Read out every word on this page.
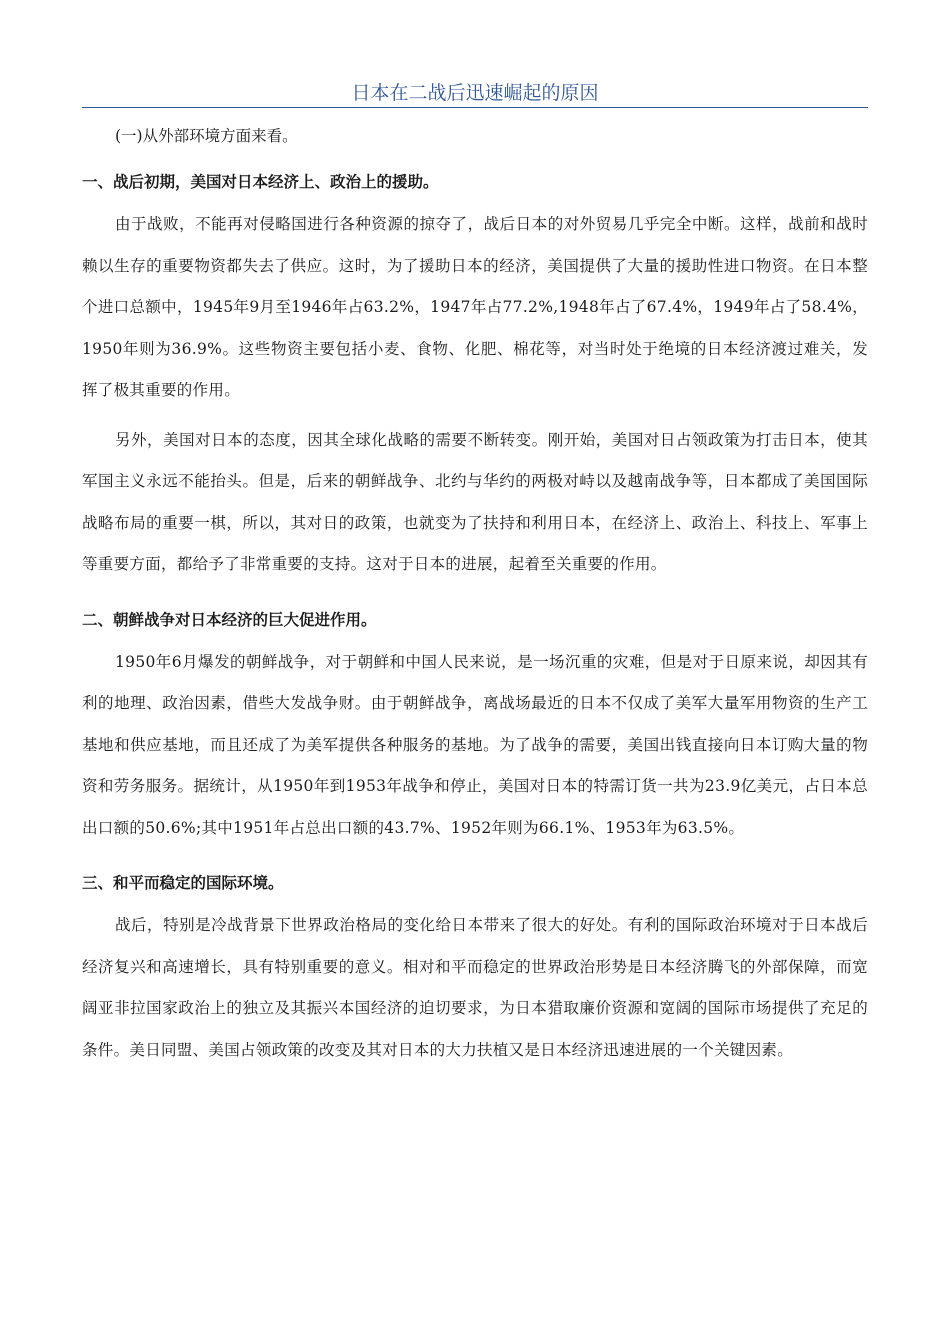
日本在二战后迅速崛起的原因

(一)从外部环境方面来看。

一、战后初期，美国对日本经济上、政治上的援助。

由于战败，不能再对侵略国进行各种资源的掠夺了，战后日本的对外贸易几乎完全中断。这样，战前和战时赖以生存的重要物资都失去了供应。这时，为了援助日本的经济，美国提供了大量的援助性进口物资。在日本整个进口总额中，1945年9月至1946年占63.2%，1947年占77.2%,1948年占了67.4%，1949年占了58.4%，1950年则为36.9%。这些物资主要包括小麦、食物、化肥、棉花等，对当时处于绝境的日本经济渡过难关，发挥了极其重要的作用。

另外，美国对日本的态度，因其全球化战略的需要不断转变。刚开始，美国对日占领政策为打击日本，使其军国主义永远不能抬头。但是，后来的朝鲜战争、北约与华约的两极对峙以及越南战争等，日本都成了美国国际战略布局的重要一棋，所以，其对日的政策，也就变为了扶持和利用日本，在经济上、政治上、科技上、军事上等重要方面，都给予了非常重要的支持。这对于日本的进展，起着至关重要的作用。

二、朝鲜战争对日本经济的巨大促进作用。

1950年6月爆发的朝鲜战争，对于朝鲜和中国人民来说，是一场沉重的灾难，但是对于日原来说，却因其有利的地理、政治因素，借些大发战争财。由于朝鲜战争，离战场最近的日本不仅成了美军大量军用物资的生产工基地和供应基地，而且还成了为美军提供各种服务的基地。为了战争的需要，美国出钱直接向日本订购大量的物资和劳务服务。据统计，从1950年到1953年战争和停止，美国对日本的特需订货一共为23.9亿美元，占日本总出口额的50.6%;其中1951年占总出口额的43.7%、1952年则为66.1%、1953年为63.5%。

三、和平而稳定的国际环境。

战后，特别是冷战背景下世界政治格局的变化给日本带来了很大的好处。有利的国际政治环境对于日本战后经济复兴和高速增长，具有特别重要的意义。相对和平而稳定的世界政治形势是日本经济腾飞的外部保障，而宽阔亚非拉国家政治上的独立及其振兴本国经济的迫切要求，为日本猎取廉价资源和宽阔的国际市场提供了充足的条件。美日同盟、美国占领政策的改变及其对日本的大力扶植又是日本经济迅速进展的一个关键因素。
